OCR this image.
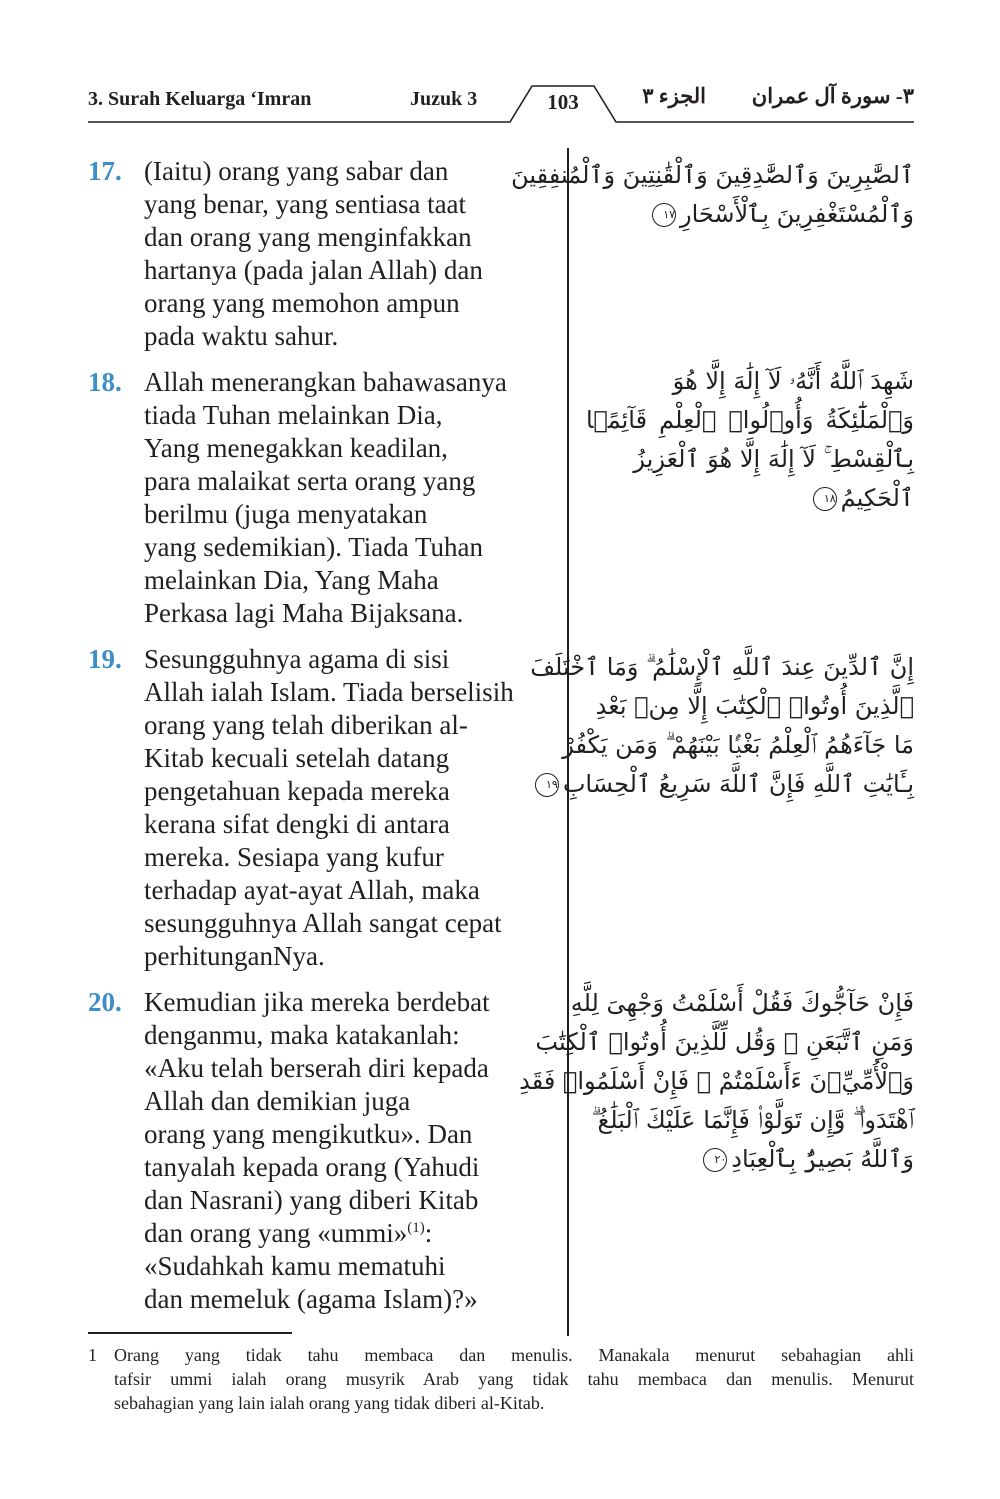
3. Surah Keluarga ‘Imran	Juzuk 3	103	الجزء ٣ ٣- سورة آل عمران
17. (Iaitu) orang yang sabar dan
yang benar, yang sentiasa taat
dan orang yang menginfakkan
hartanya (pada jalan Allah) dan
orang yang memohon ampun
pada waktu sahur.
ٱلصَّٰبِرِينَ وَٱلصَّٰدِقِينَ وَٱلْقَٰنِتِينَ وَٱلْمُنفِقِينَ
وَٱلْمُسْتَغْفِرِينَ بِٱلْأَسْحَارِ١٧
18. Allah menerangkan bahawasanya
tiada Tuhan melainkan Dia,
Yang menegakkan keadilan,
para malaikat serta orang yang
berilmu (juga menyatakan
yang sedemikian). Tiada Tuhan
melainkan Dia, Yang Maha
Perkasa lagi Maha Bijaksana.
شَهِدَ ٱللَّهُ أَنَّهُۥ لَآ إِلَٰهَ إِلَّا هُوَ
وَٱلْمَلَٰٓئِكَةُ وَأُو۟لُوا۟ ٱلْعِلْمِ قَآئِمًۢا
بِٱلْقِسْطِ ۚ لَآ إِلَٰهَ إِلَّا هُوَ ٱلْعَزِيزُ
ٱلْحَكِيمُ١٨
19. Sesungguhnya agama di sisi
Allah ialah Islam. Tiada berselisih
orang yang telah diberikan al-
Kitab kecuali setelah datang
pengetahuan kepada mereka
kerana sifat dengki di antara
mereka. Sesiapa yang kufur
terhadap ayat-ayat Allah, maka
sesungguhnya Allah sangat cepat
perhitunganNya.
إِنَّ ٱلدِّينَ عِندَ ٱللَّهِ ٱلْإِسْلَٰمُ ۗ وَمَا ٱخْتَلَفَ
ٱلَّذِينَ أُوتُوا۟ ٱلْكِتَٰبَ إِلَّا مِنۢ بَعْدِ
مَا جَآءَهُمُ ٱلْعِلْمُ بَغْيًۢا بَيْنَهُمْ ۗ وَمَن يَكْفُرْ
بِـَٔايَٰتِ ٱللَّهِ فَإِنَّ ٱللَّهَ سَرِيعُ ٱلْحِسَابِ١٩
20. Kemudian jika mereka berdebat
denganmu, maka katakanlah:
«Aku telah berserah diri kepada
Allah dan demikian juga
orang yang mengikutku». Dan
tanyalah kepada orang (Yahudi
dan Nasrani) yang diberi Kitab
dan orang yang «ummi»$^{(1)}$:
«Sudahkah kamu mematuhi
dan memeluk (agama Islam)?»
فَإِنْ حَآجُّوكَ فَقُلْ أَسْلَمْتُ وَجْهِىَ لِلَّهِ
وَمَنِ ٱتَّبَعَنِ ۗ وَقُل لِّلَّذِينَ أُوتُوا۟ ٱلْكِتَٰبَ
وَٱلْأُمِّيِّۦنَ ءَأَسْلَمْتُمْ ۚ فَإِنْ أَسْلَمُوا۟ فَقَدِ
ٱهْتَدَوا۟ ۖ وَّإِن تَوَلَّوْا۟ فَإِنَّمَا عَلَيْكَ ٱلْبَلَٰغُ ۗ
وَٱللَّهُ بَصِيرٌۢ بِٱلْعِبَادِ٢٠
1 Orang yang tidak tahu membaca dan menulis. Manakala menurut sebahagian ahli
tafsir ummi ialah orang musyrik Arab yang tidak tahu membaca dan menulis. Menurut
sebahagian yang lain ialah orang yang tidak diberi al-Kitab.
